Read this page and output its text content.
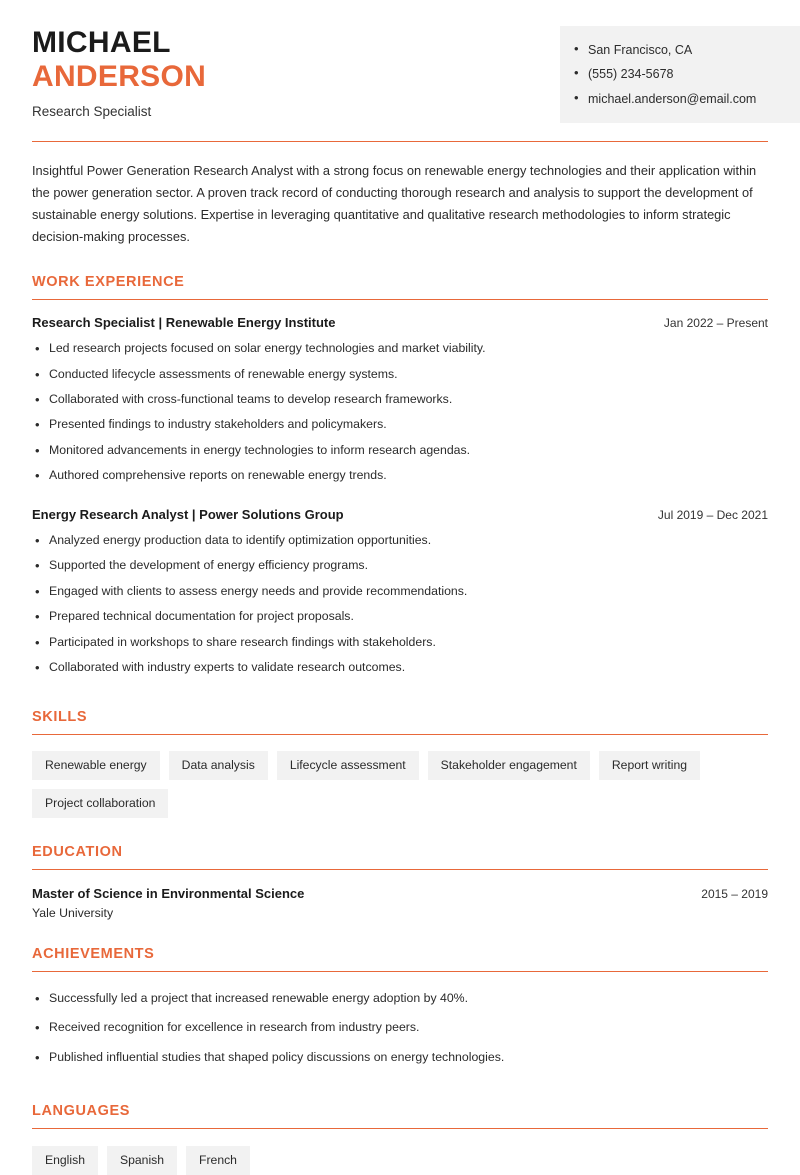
MICHAEL
ANDERSON
Research Specialist
• San Francisco, CA
• (555) 234-5678
• michael.anderson@email.com

Insightful Power Generation Research Analyst with a strong focus on renewable energy technologies and their application within the power generation sector. A proven track record of conducting thorough research and analysis to support the development of sustainable energy solutions. Expertise in leveraging quantitative and qualitative research methodologies to inform strategic decision-making processes.

WORK EXPERIENCE
Research Specialist | Renewable Energy Institute	Jan 2022 – Present
• Led research projects focused on solar energy technologies and market viability.
• Conducted lifecycle assessments of renewable energy systems.
• Collaborated with cross-functional teams to develop research frameworks.
• Presented findings to industry stakeholders and policymakers.
• Monitored advancements in energy technologies to inform research agendas.
• Authored comprehensive reports on renewable energy trends.
Energy Research Analyst | Power Solutions Group	Jul 2019 – Dec 2021
• Analyzed energy production data to identify optimization opportunities.
• Supported the development of energy efficiency programs.
• Engaged with clients to assess energy needs and provide recommendations.
• Prepared technical documentation for project proposals.
• Participated in workshops to share research findings with stakeholders.
• Collaborated with industry experts to validate research outcomes.
SKILLS
Renewable energy	Data analysis	Lifecycle assessment	Stakeholder engagement	Report writing
Project collaboration
EDUCATION
Master of Science in Environmental Science	2015 – 2019
Yale University
ACHIEVEMENTS
• Successfully led a project that increased renewable energy adoption by 40%.
• Received recognition for excellence in research from industry peers.
• Published influential studies that shaped policy discussions on energy technologies.
LANGUAGES
English	Spanish	French
